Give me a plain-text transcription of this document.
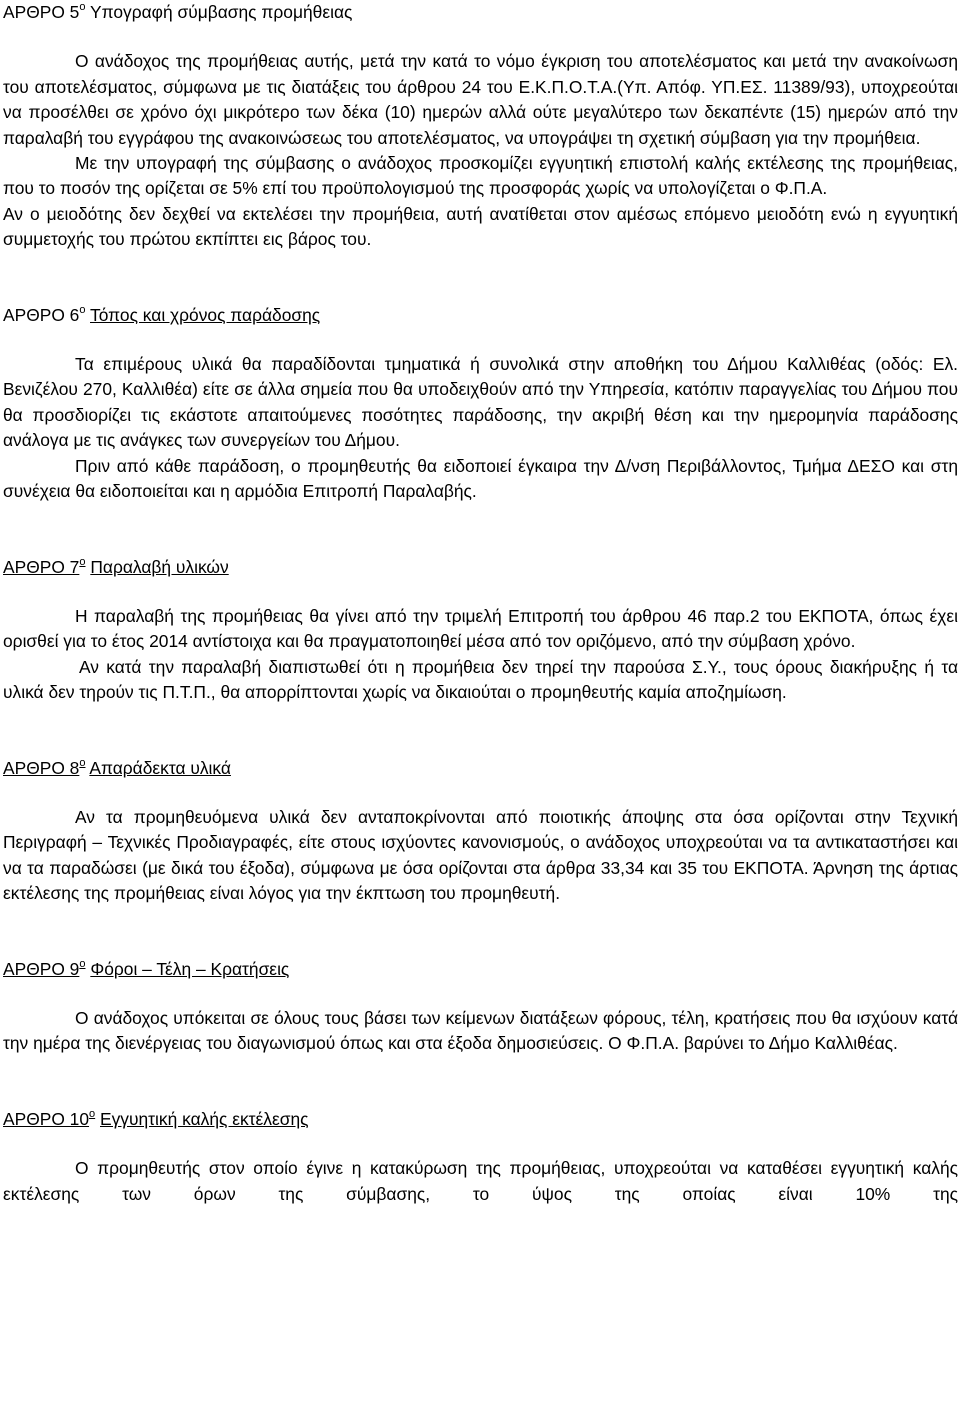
ΑΡΘΡΟ $5^o$ Υπογραφή σύμβασης προμήθειας

Ο ανάδοχος της προμήθειας αυτής, μετά την κατά το νόμο έγκριση του αποτελέσματος και μετά την ανακοίνωση του αποτελέσματος, σύμφωνα με τις διατάξεις του άρθρου 24 του Ε.Κ.Π.Ο.Τ.Α.(Υπ. Απόφ. ΥΠ.ΕΣ. 11389/93), υποχρεούται να προσέλθει σε χρόνο όχι μικρότερο των δέκα (10) ημερών αλλά ούτε μεγαλύτερο των δεκαπέντε (15) ημερών από την παραλαβή του εγγράφου της ανακοινώσεως του αποτελέσματος, να υπογράψει τη σχετική σύμβαση για την προμήθεια.

Με την υπογραφή της σύμβασης ο ανάδοχος προσκομίζει εγγυητική επιστολή καλής εκτέλεσης της προμήθειας, που το ποσόν της ορίζεται σε 5% επί του προϋπολογισμού της προσφοράς χωρίς να υπολογίζεται ο Φ.Π.Α.

Αν ο μειοδότης δεν δεχθεί να εκτελέσει την προμήθεια, αυτή ανατίθεται στον αμέσως επόμενο μειοδότη ενώ η εγγυητική συμμετοχής του πρώτου εκπίπτει εις βάρος του.

ΑΡΘΡΟ $6^o$ Τόπος και χρόνος παράδοσης

Τα επιμέρους υλικά θα παραδίδονται τμηματικά ή συνολικά στην αποθήκη του Δήμου Καλλιθέας (οδός: Ελ. Βενιζέλου 270, Καλλιθέα) είτε σε άλλα σημεία που θα υποδειχθούν από την Υπηρεσία, κατόπιν παραγγελίας του Δήμου που θα προσδιορίζει τις εκάστοτε απαιτούμενες ποσότητες παράδοσης, την ακριβή θέση και την ημερομηνία παράδοσης ανάλογα με τις ανάγκες των συνεργείων του Δήμου.

Πριν από κάθε παράδοση, ο προμηθευτής θα ειδοποιεί έγκαιρα την Δ/νση Περιβάλλοντος, Τμήμα ΔΕΣΟ και στη συνέχεια θα ειδοποιείται και η αρμόδια Επιτροπή Παραλαβής.

ΑΡΘΡΟ $7^o$ Παραλαβή υλικών

Η παραλαβή της προμήθειας θα γίνει από την τριμελή Επιτροπή του άρθρου 46 παρ.2 του ΕΚΠΟΤΑ, όπως έχει ορισθεί για το έτος 2014 αντίστοιχα και θα πραγματοποιηθεί μέσα από τον οριζόμενο, από την σύμβαση χρόνο.

Αν κατά την παραλαβή διαπιστωθεί ότι η προμήθεια δεν τηρεί την παρούσα Σ.Υ., τους όρους διακήρυξης ή τα υλικά δεν τηρούν τις Π.Τ.Π., θα απορρίπτονται χωρίς να δικαιούται ο προμηθευτής καμία αποζημίωση.

ΑΡΘΡΟ $8^o$ Απαράδεκτα υλικά

Αν τα προμηθευόμενα υλικά δεν ανταποκρίνονται από ποιοτικής άποψης στα όσα ορίζονται στην Τεχνική Περιγραφή – Τεχνικές Προδιαγραφές, είτε στους ισχύοντες κανονισμούς, ο ανάδοχος υποχρεούται να τα αντικαταστήσει και να τα παραδώσει (με δικά του έξοδα), σύμφωνα με όσα ορίζονται στα άρθρα 33,34 και 35 του ΕΚΠΟΤΑ. Άρνηση της άρτιας εκτέλεσης της προμήθειας είναι λόγος για την έκπτωση του προμηθευτή.

ΑΡΘΡΟ $9^o$ Φόροι – Τέλη – Κρατήσεις

Ο ανάδοχος υπόκειται σε όλους τους βάσει των κείμενων διατάξεων φόρους, τέλη, κρατήσεις που θα ισχύουν κατά την ημέρα της διενέργειας του διαγωνισμού όπως και στα έξοδα δημοσιεύσεις. Ο Φ.Π.Α. βαρύνει το Δήμο Καλλιθέας.

ΑΡΘΡΟ $10^o$ Εγγυητική καλής εκτέλεσης

Ο προμηθευτής στον οποίο έγινε η κατακύρωση της προμήθειας, υποχρεούται να καταθέσει εγγυητική καλής εκτέλεσης των όρων της σύμβασης, το ύψος της οποίας είναι 10% της
